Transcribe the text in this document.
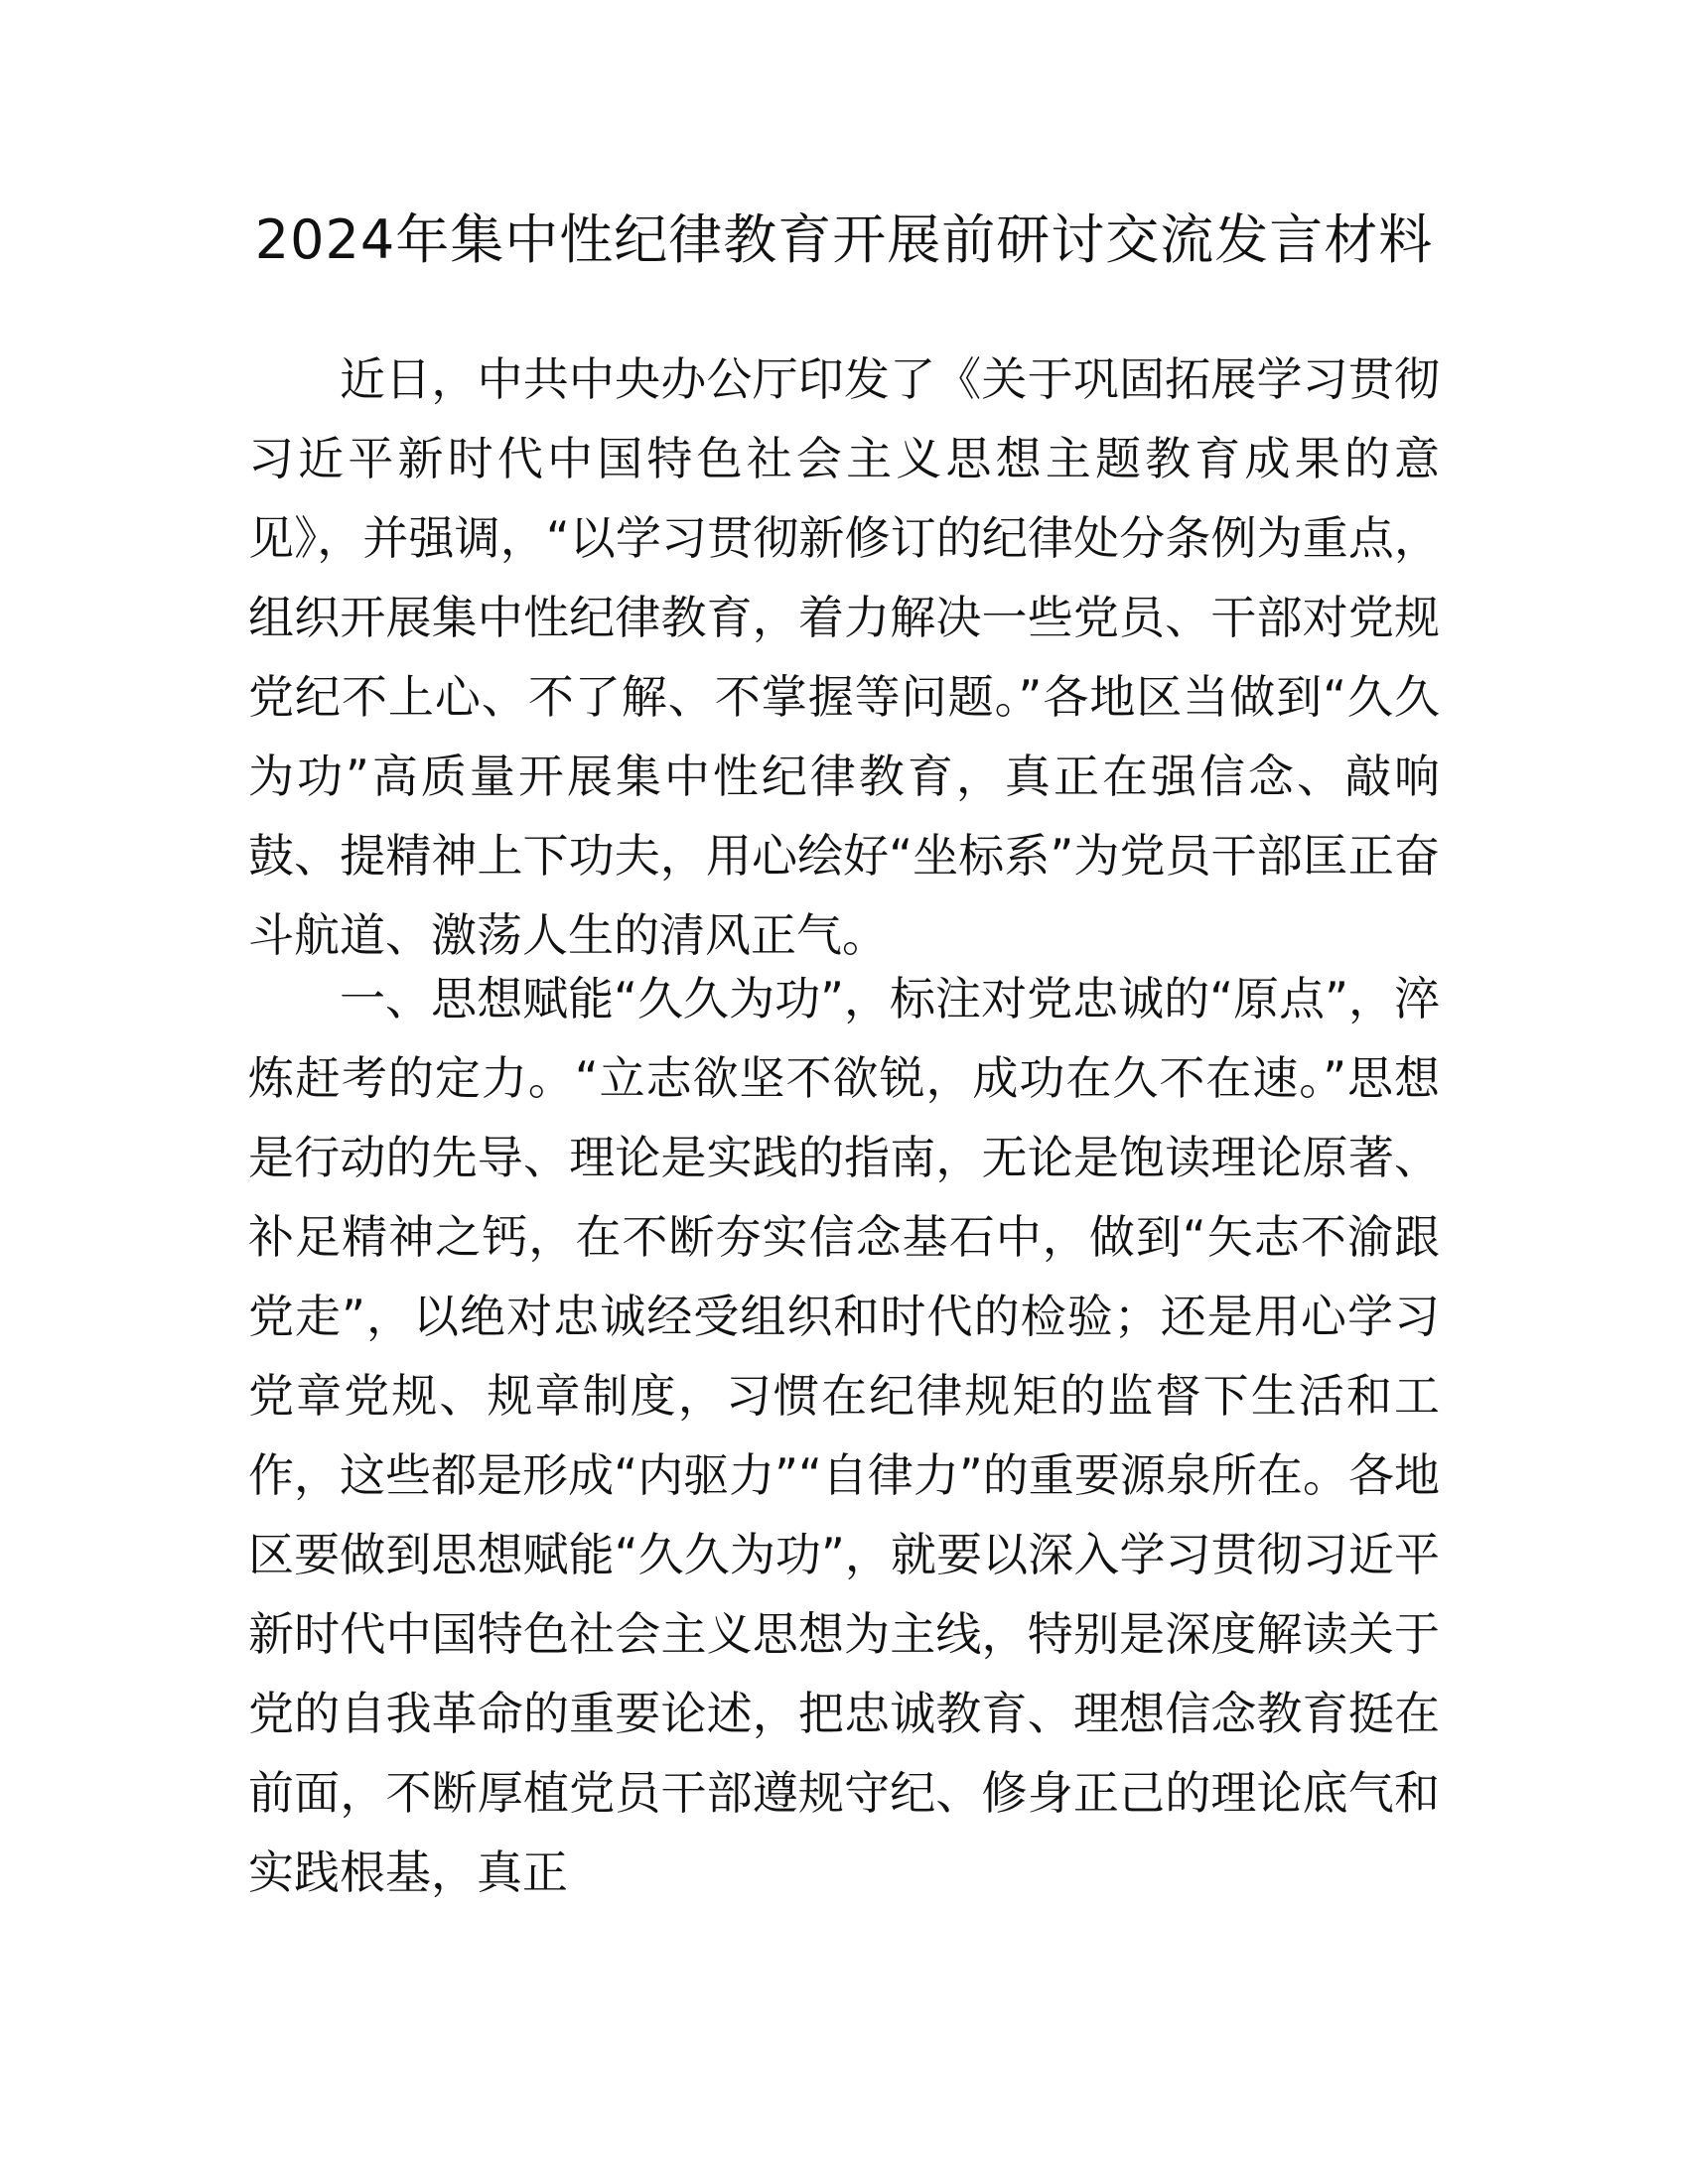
2024年集中性纪律教育开展前研讨交流发言材料

近日，中共中央办公厅印发了《关于巩固拓展学习贯彻习近平新时代中国特色社会主义思想主题教育成果的意见》，并强调，“以学习贯彻新修订的纪律处分条例为重点，组织开展集中性纪律教育，着力解决一些党员、干部对党规党纪不上心、不了解、不掌握等问题。”各地区当做到“久久为功”高质量开展集中性纪律教育，真正在强信念、敲响鼓、提精神上下功夫，用心绘好“坐标系”为党员干部匡正奋斗航道、激荡人生的清风正气。

一、思想赋能“久久为功”，标注对党忠诚的“原点”，淬炼赶考的定力。“立志欲坚不欲锐，成功在久不在速。”思想是行动的先导、理论是实践的指南，无论是饱读理论原著、补足精神之钙，在不断夯实信念基石中，做到“矢志不渝跟党走”，以绝对忠诚经受组织和时代的检验；还是用心学习党章党规、规章制度，习惯在纪律规矩的监督下生活和工作，这些都是形成“内驱力”“自律力”的重要源泉所在。各地区要做到思想赋能“久久为功”，就要以深入学习贯彻习近平新时代中国特色社会主义思想为主线，特别是深度解读关于党的自我革命的重要论述，把忠诚教育、理想信念教育挺在前面，不断厚植党员干部遵规守纪、修身正己的理论底气和实践根基，真正
